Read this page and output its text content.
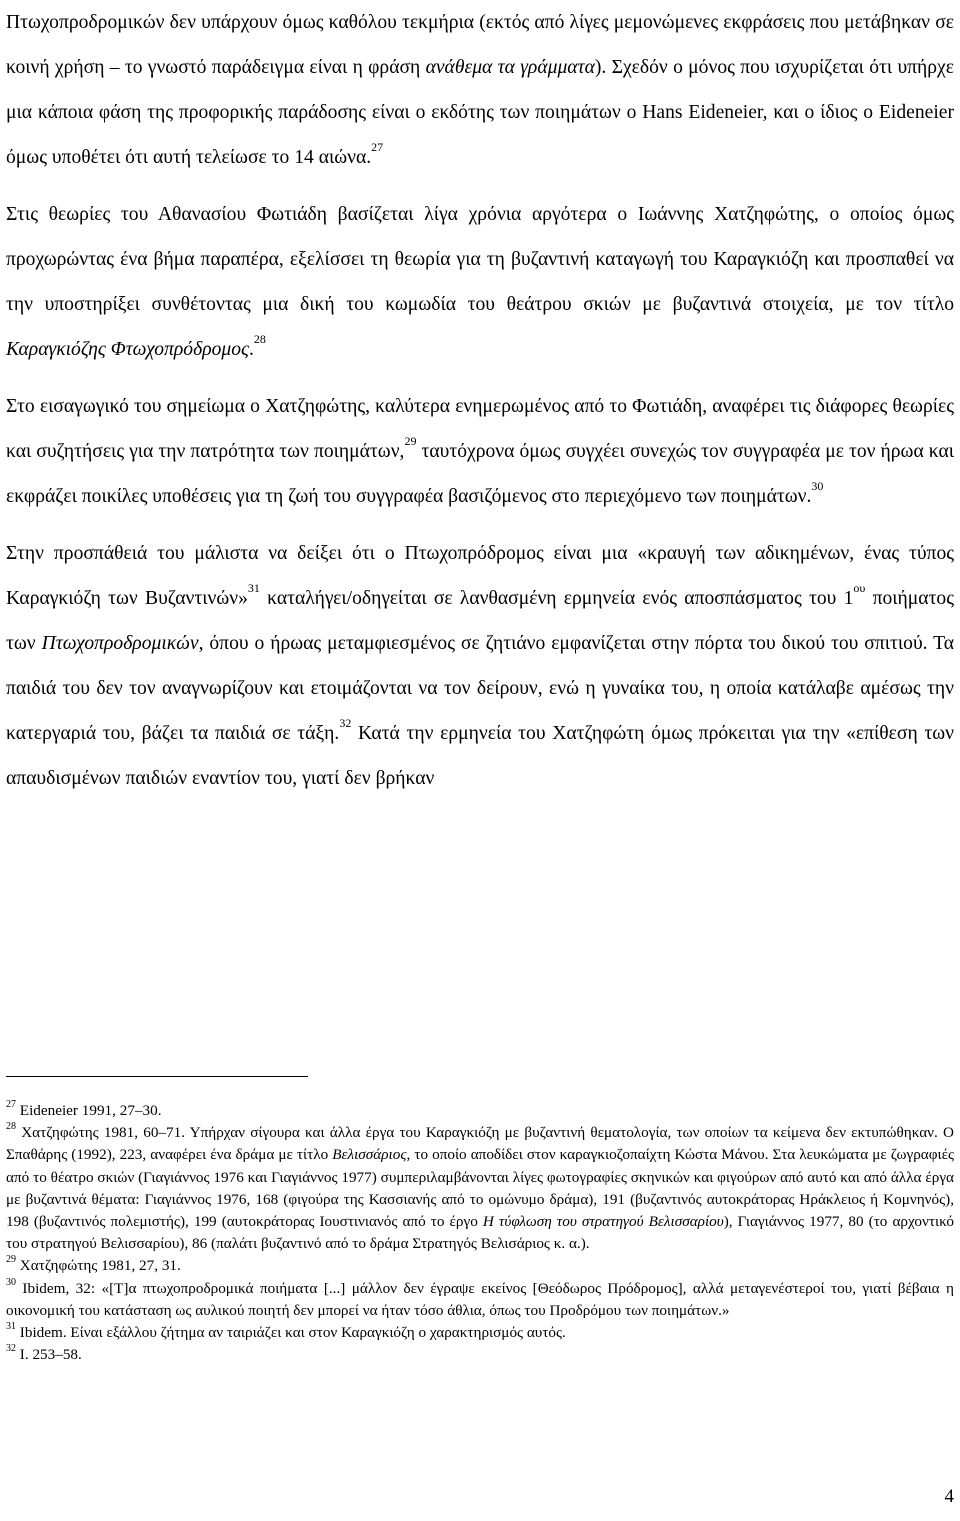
Πτωχοπροδρομικών δεν υπάρχουν όμως καθόλου τεκμήρια (εκτός από λίγες μεμονώμενες εκφράσεις που μετάβηκαν σε κοινή χρήση – το γνωστό παράδειγμα είναι η φράση ανάθεμα τα γράμματα). Σχεδόν ο μόνος που ισχυρίζεται ότι υπήρχε μια κάποια φάση της προφορικής παράδοσης είναι ο εκδότης των ποιημάτων ο Hans Eideneier, και ο ίδιος ο Eideneier όμως υποθέτει ότι αυτή τελείωσε το 14 αιώνα.$^{27}$

Στις θεωρίες του Αθανασίου Φωτιάδη βασίζεται λίγα χρόνια αργότερα ο Ιωάννης Χατζηφώτης, ο οποίος όμως προχωρώντας ένα βήμα παραπέρα, εξελίσσει τη θεωρία για τη βυζαντινή καταγωγή του Καραγκιόζη και προσπαθεί να την υποστηρίξει συνθέτοντας μια δική του κωμωδία του θεάτρου σκιών με βυζαντινά στοιχεία, με τον τίτλο Καραγκιόζης Φτωχοπρόδρομος.$^{28}$

Στο εισαγωγικό του σημείωμα ο Χατζηφώτης, καλύτερα ενημερωμένος από το Φωτιάδη, αναφέρει τις διάφορες θεωρίες και συζητήσεις για την πατρότητα των ποιημάτων,$^{29}$ ταυτόχρονα όμως συγχέει συνεχώς τον συγγραφέα με τον ήρωα και εκφράζει ποικίλες υποθέσεις για τη ζωή του συγγραφέα βασιζόμενος στο περιεχόμενο των ποιημάτων.$^{30}$

Στην προσπάθειά του μάλιστα να δείξει ότι ο Πτωχοπρόδρομος είναι μια «κραυγή των αδικημένων, ένας τύπος Καραγκιόζη των Βυζαντινών»$^{31}$ καταλήγει/οδηγείται σε λανθασμένη ερμηνεία ενός αποσπάσματος του $1^{o\upsilon}$ ποιήματος των Πτωχοπροδρομικών, όπου ο ήρωας μεταμφιεσμένος σε ζητιάνο εμφανίζεται στην πόρτα του δικού του σπιτιού. Τα παιδιά του δεν τον αναγνωρίζουν και ετοιμάζονται να τον δείρουν, ενώ η γυναίκα του, η οποία κατάλαβε αμέσως την κατεργαριά του, βάζει τα παιδιά σε τάξη.$^{32}$ Κατά την ερμηνεία του Χατζηφώτη όμως πρόκειται για την «επίθεση των απαυδισμένων παιδιών εναντίον του, γιατί δεν βρήκαν

$^{27}$ Eideneier 1991, 27–30.

$^{28}$ Χατζηφώτης 1981, 60–71. Υπήρχαν σίγουρα και άλλα έργα του Καραγκιόζη με βυζαντινή θεματολογία, των οποίων τα κείμενα δεν εκτυπώθηκαν. Ο Σπαθάρης (1992), 223, αναφέρει ένα δράμα με τίτλο Βελισσάριος, το οποίο αποδίδει στον καραγκιοζοπαίχτη Κώστα Μάνου. Στα λευκώματα με ζωγραφιές από το θέατρο σκιών (Γιαγιάννος 1976 και Γιαγιάννος 1977) συμπεριλαμβάνονται λίγες φωτογραφίες σκηνικών και φιγούρων από αυτό και από άλλα έργα με βυζαντινά θέματα: Γιαγιάννος 1976, 168 (φιγούρα της Κασσιανής από το ομώνυμο δράμα), 191 (βυζαντινός αυτοκράτορας Ηράκλειος ή Κομνηνός), 198 (βυζαντινός πολεμιστής), 199 (αυτοκράτορας Ιουστινιανός από το έργο Η τύφλωση του στρατηγού Βελισσαρίου), Γιαγιάννος 1977, 80 (το αρχοντικό του στρατηγού Βελισσαρίου), 86 (παλάτι βυζαντινό από το δράμα Στρατηγός Βελισάριος κ. α.).

$^{29}$ Χατζηφώτης 1981, 27, 31.

$^{30}$ Ibidem, 32: «[Τ]α πτωχοπροδρομικά ποιήματα [...] μάλλον δεν έγραψε εκείνος [Θεόδωρος Πρόδρομος], αλλά μεταγενέστεροί του, γιατί βέβαια η οικονομική του κατάσταση ως αυλικού ποιητή δεν μπορεί να ήταν τόσο άθλια, όπως του Προδρόμου των ποιημάτων.»

$^{31}$ Ibidem. Είναι εξάλλου ζήτημα αν ταιριάζει και στον Καραγκιόζη ο χαρακτηρισμός αυτός.

$^{32}$ I. 253–58.

4
